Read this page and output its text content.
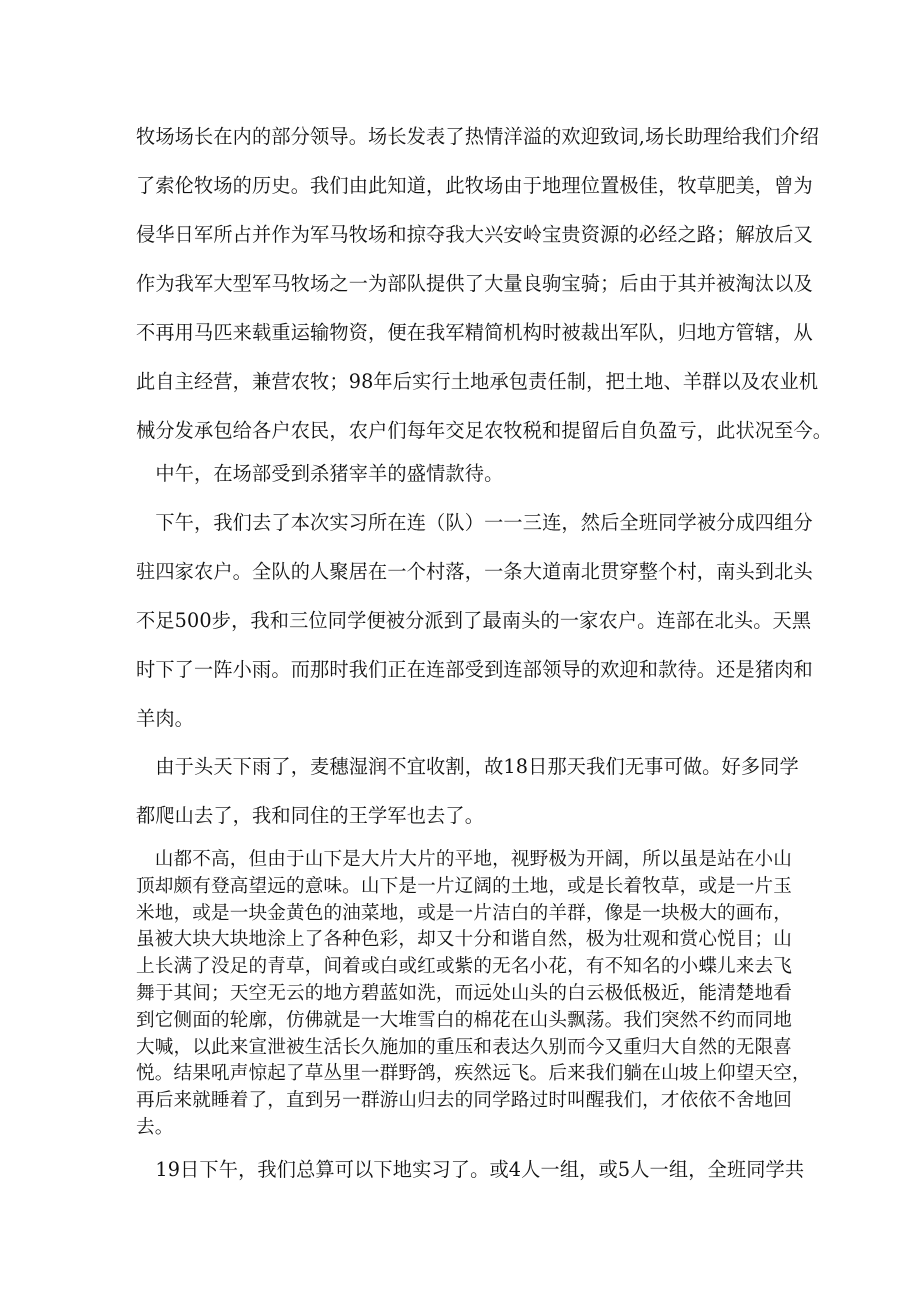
牧场场长在内的部分领导。场长发表了热情洋溢的欢迎致词,场长助理给我们介绍
了索伦牧场的历史。我们由此知道，此牧场由于地理位置极佳，牧草肥美，曾为
侵华日军所占并作为军马牧场和掠夺我大兴安岭宝贵资源的必经之路；解放后又
作为我军大型军马牧场之一为部队提供了大量良驹宝骑；后由于其并被淘汰以及
不再用马匹来载重运输物资，便在我军精简机构时被裁出军队，归地方管辖，从
此自主经营，兼营农牧；98年后实行土地承包责任制，把土地、羊群以及农业机
械分发承包给各户农民，农户们每年交足农牧税和提留后自负盈亏，此状况至今。
　中午，在场部受到杀猪宰羊的盛情款待。
　下午，我们去了本次实习所在连（队）一一三连，然后全班同学被分成四组分
驻四家农户。全队的人聚居在一个村落，一条大道南北贯穿整个村，南头到北头
不足500步，我和三位同学便被分派到了最南头的一家农户。连部在北头。天黑
时下了一阵小雨。而那时我们正在连部受到连部领导的欢迎和款待。还是猪肉和
羊肉。
　由于头天下雨了，麦穗湿润不宜收割，故18日那天我们无事可做。好多同学
都爬山去了，我和同住的王学军也去了。
　山都不高，但由于山下是大片大片的平地，视野极为开阔，所以虽是站在小山
顶却颇有登高望远的意味。山下是一片辽阔的土地，或是长着牧草，或是一片玉
米地，或是一块金黄色的油菜地，或是一片洁白的羊群，像是一块极大的画布，
虽被大块大块地涂上了各种色彩，却又十分和谐自然，极为壮观和赏心悦目；山
上长满了没足的青草，间着或白或红或紫的无名小花，有不知名的小蝶儿来去飞
舞于其间；天空无云的地方碧蓝如洗，而远处山头的白云极低极近，能清楚地看
到它侧面的轮廓，仿佛就是一大堆雪白的棉花在山头飘荡。我们突然不约而同地
大喊，以此来宣泄被生活长久施加的重压和表达久别而今又重归大自然的无限喜
悦。结果吼声惊起了草丛里一群野鸽，疾然远飞。后来我们躺在山坡上仰望天空，
再后来就睡着了，直到另一群游山归去的同学路过时叫醒我们，才依依不舍地回
去。
　19日下午，我们总算可以下地实习了。或4人一组，或5人一组，全班同学共
